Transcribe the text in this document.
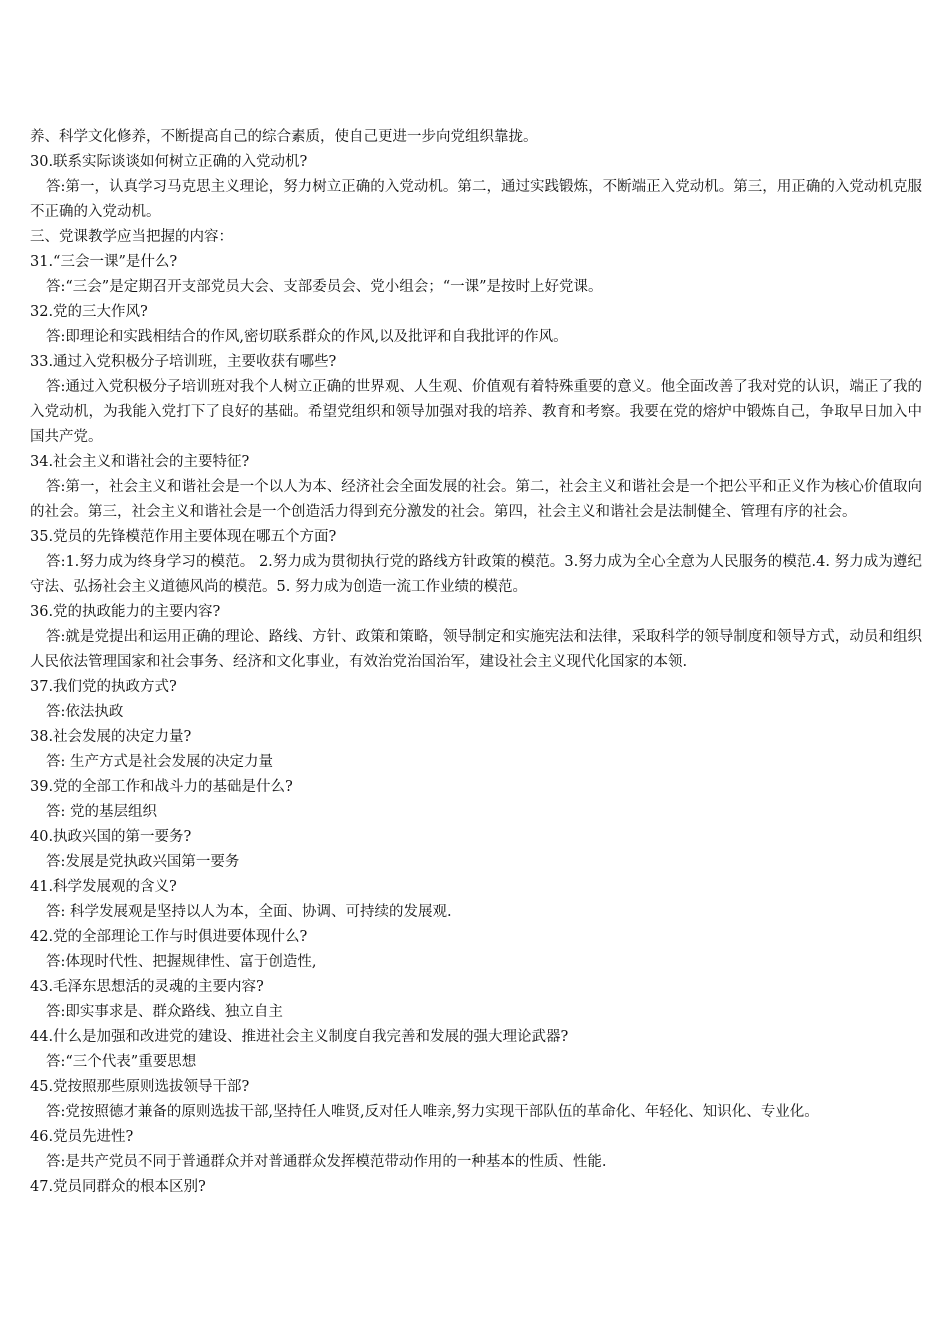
养、科学文化修养，不断提高自己的综合素质，使自己更进一步向党组织靠拢。

30.联系实际谈谈如何树立正确的入党动机?

答:第一，认真学习马克思主义理论，努力树立正确的入党动机。第二，通过实践锻炼，不断端正入党动机。第三，用正确的入党动机克服不正确的入党动机。

三、党课教学应当把握的内容：

31.“三会一课”是什么?

答:“三会”是定期召开支部党员大会、支部委员会、党小组会；“一课”是按时上好党课。

32.党的三大作风?

答:即理论和实践相结合的作风,密切联系群众的作风,以及批评和自我批评的作风。

33.通过入党积极分子培训班，主要收获有哪些?

答:通过入党积极分子培训班对我个人树立正确的世界观、人生观、价值观有着特殊重要的意义。他全面改善了我对党的认识，端正了我的入党动机，为我能入党打下了良好的基础。希望党组织和领导加强对我的培养、教育和考察。我要在党的熔炉中锻炼自己，争取早日加入中国共产党。

34.社会主义和谐社会的主要特征?

答:第一，社会主义和谐社会是一个以人为本、经济社会全面发展的社会。第二，社会主义和谐社会是一个把公平和正义作为核心价值取向的社会。第三，社会主义和谐社会是一个创造活力得到充分激发的社会。第四，社会主义和谐社会是法制健全、管理有序的社会。

35.党员的先锋模范作用主要体现在哪五个方面?

答:1.努力成为终身学习的模范。 2.努力成为贯彻执行党的路线方针政策的模范。3.努力成为全心全意为人民服务的模范.4. 努力成为遵纪守法、弘扬社会主义道德风尚的模范。5. 努力成为创造一流工作业绩的模范。

36.党的执政能力的主要内容?

答:就是党提出和运用正确的理论、路线、方针、政策和策略，领导制定和实施宪法和法律，采取科学的领导制度和领导方式，动员和组织人民依法管理国家和社会事务、经济和文化事业，有效治党治国治军，建设社会主义现代化国家的本领.

37.我们党的执政方式?

答:依法执政

38.社会发展的决定力量?

答: 生产方式是社会发展的决定力量

39.党的全部工作和战斗力的基础是什么?

答: 党的基层组织

40.执政兴国的第一要务?

答:发展是党执政兴国第一要务

41.科学发展观的含义?

答: 科学发展观是坚持以人为本，全面、协调、可持续的发展观.

42.党的全部理论工作与时俱进要体现什么?

答:体现时代性、把握规律性、富于创造性,

43.毛泽东思想活的灵魂的主要内容?

答:即实事求是、群众路线、独立自主

44.什么是加强和改进党的建设、推进社会主义制度自我完善和发展的强大理论武器?

答:“三个代表”重要思想

45.党按照那些原则选拔领导干部?

答:党按照德才兼备的原则选拔干部,坚持任人唯贤,反对任人唯亲,努力实现干部队伍的革命化、年轻化、知识化、专业化。

46.党员先进性?

答:是共产党员不同于普通群众并对普通群众发挥模范带动作用的一种基本的性质、性能.

47.党员同群众的根本区别?
